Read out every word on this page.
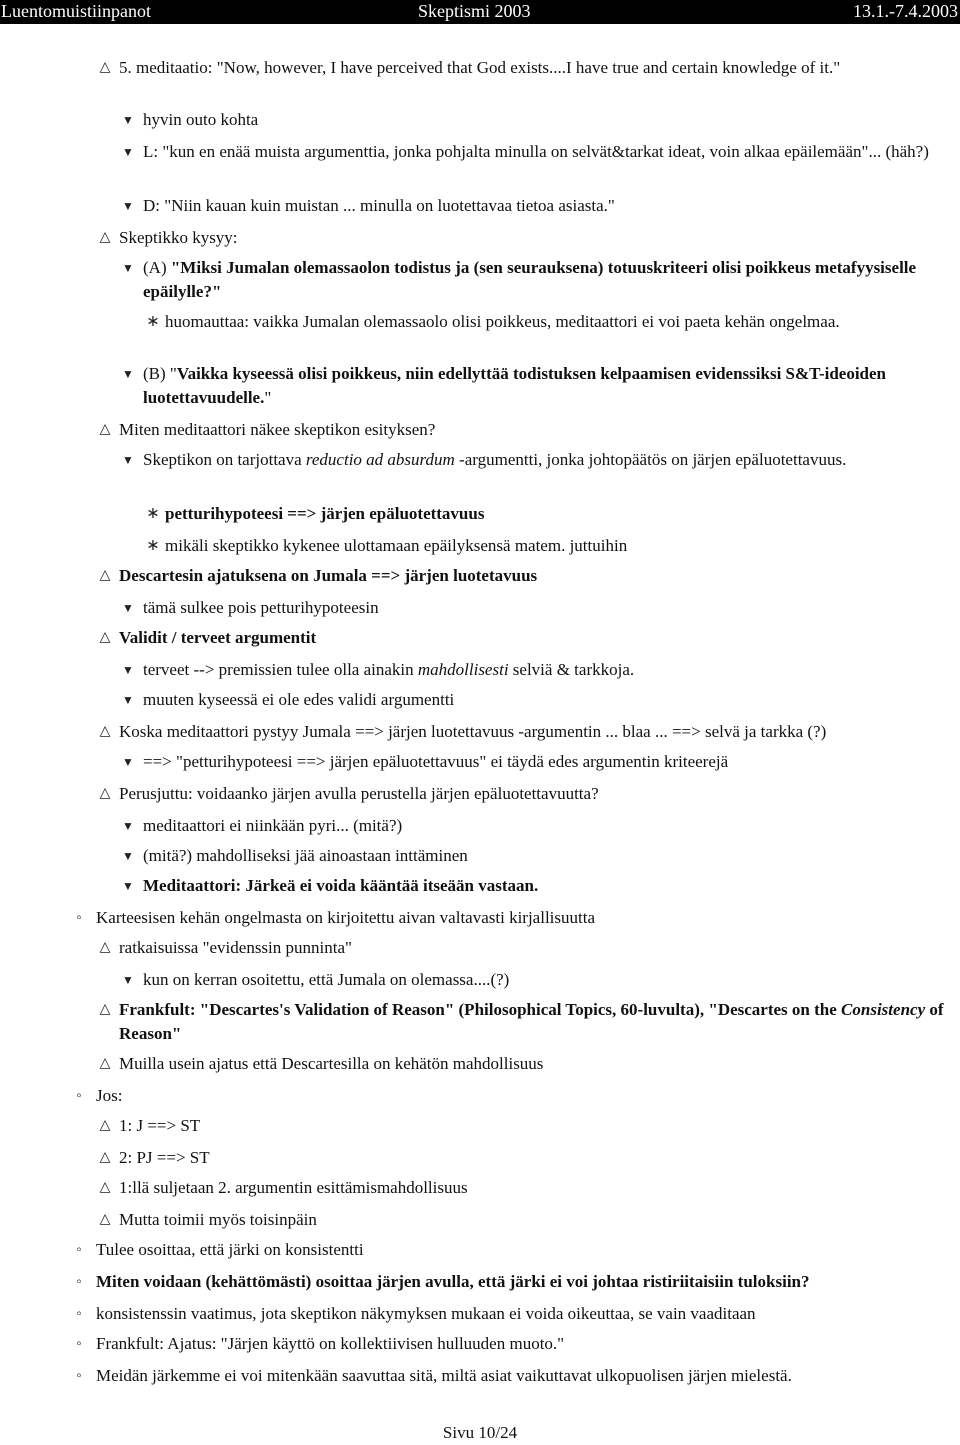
Luentomuistiinpanot	Skeptismi 2003	13.1.-7.4.2003
△ 5. meditaatio: "Now, however, I have perceived that God exists....I have true and certain knowledge of it."
▼ hyvin outo kohta
▼ L: "kun en enää muista argumenttia, jonka pohjalta minulla on selvät&tarkat ideat, voin alkaa epäilemään"... (häh?)
▼ D: "Niin kauan kuin muistan ... minulla on luotettavaa tietoa asiasta."
△ Skeptikko kysyy:
▼ (A) "Miksi Jumalan olemassaolon todistus ja (sen seurauksena) totuuskriteeri olisi poikkeus metafyysiselle epäilylle?"
∗ huomauttaa: vaikka Jumalan olemassaolo olisi poikkeus, meditaattori ei voi paeta kehän ongelmaa.
▼ (B) "Vaikka kyseessä olisi poikkeus, niin edellyttää todistuksen kelpaamisen evidenssiksi S&T-ideoiden luotettavuudelle."
△ Miten meditaattori näkee skeptikon esityksen?
▼ Skeptikon on tarjottava reductio ad absurdum -argumentti, jonka johtopäätös on järjen epäluotettavuus.
∗ petturihypoteesi ==> järjen epäluotettavuus
∗ mikäli skeptikko kykenee ulottamaan epäilyksensä matem. juttuihin
△ Descartesin ajatuksena on Jumala ==> järjen luotetavuus
▼ tämä sulkee pois petturihypoteesin
△ Validit / terveet argumentit
▼ terveet --> premissien tulee olla ainakin mahdollisesti selviä & tarkkoja.
▼ muuten kyseessä ei ole edes validi argumentti
△ Koska meditaattori pystyy Jumala ==> järjen luotettavuus -argumentin ... blaa ... ==> selvä ja tarkka (?)
▼ ==> "petturihypoteesi ==> järjen epäluotettavuus" ei täydä edes argumentin kriteerejä
△ Perusjuttu: voidaanko järjen avulla perustella järjen epäluotettavuutta?
▼ meditaattori ei niinkään pyri... (mitä?)
▼ (mitä?) mahdolliseksi jää ainoastaan inttäminen
▼ Meditaattori: Järkeä ei voida kääntää itseään vastaan.
◦ Karteesisen kehän ongelmasta on kirjoitettu aivan valtavasti kirjallisuutta
△ ratkaisuissa "evidenssin punninta"
▼ kun on kerran osoitettu, että Jumala on olemassa....(?)
△ Frankfult: "Descartes's Validation of Reason" (Philosophical Topics, 60-luvulta), "Descartes on the Consistency of Reason"
△ Muilla usein ajatus että Descartesilla on kehätön mahdollisuus
◦ Jos:
△ 1: J ==> ST
△ 2: PJ ==> ST
△ 1:llä suljetaan 2. argumentin esittämismahdollisuus
△ Mutta toimii myös toisinpäin
◦ Tulee osoittaa, että järki on konsistentti
◦ Miten voidaan (kehättömästi) osoittaa järjen avulla, että järki ei voi johtaa ristiriitaisiin tuloksiin?
◦ konsistenssin vaatimus, jota skeptikon näkymyksen mukaan ei voida oikeuttaa, se vain vaaditaan
◦ Frankfult: Ajatus: "Järjen käyttö on kollektiivisen hulluuden muoto."
◦ Meidän järkemme ei voi mitenkään saavuttaa sitä, miltä asiat vaikuttavat ulkopuolisen järjen mielestä.
Sivu 10/24
